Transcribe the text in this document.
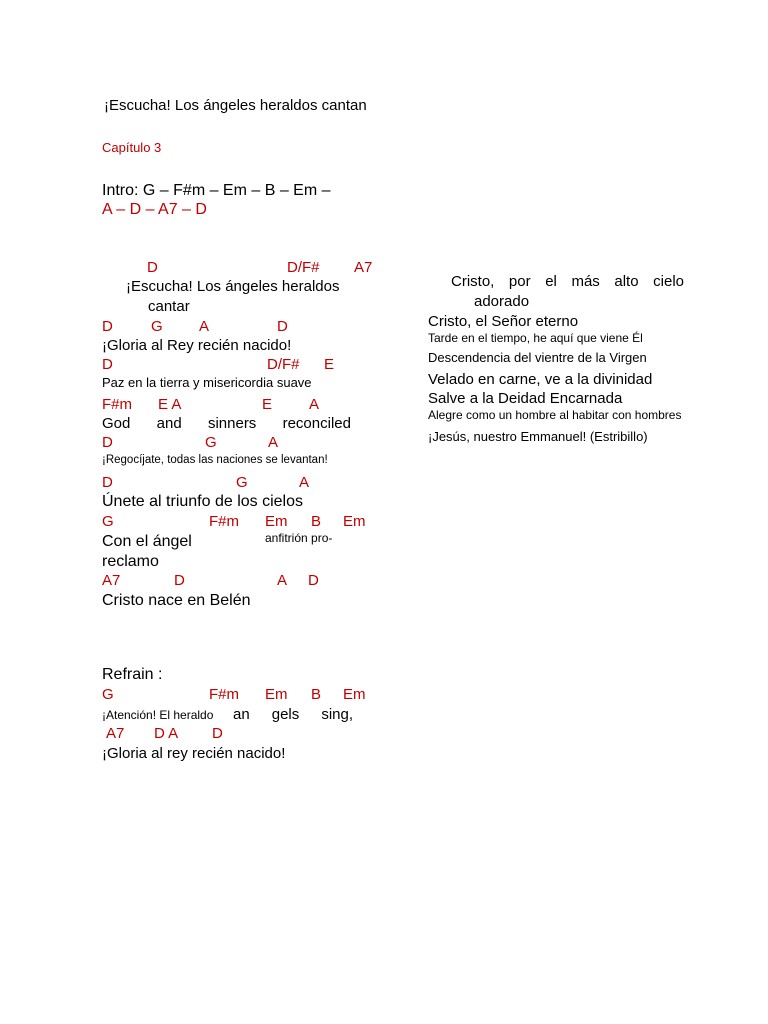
¡Escucha! Los ángeles heraldos cantan
Capítulo 3
Intro: G – F#m – Em – B – Em –
A – D – A7 – D
D	D/F# A7
¡Escucha! Los ángeles heraldos
cantar
D	G A	D
¡Gloria al Rey recién nacido!
D	D/F# E
Paz en la tierra y misericordia suave
F#m E A	E A
God and sinners reconciled
D	G	A
¡Regocíjate, todas las naciones se levantan!
D	G	A
Únete al triunfo de los cielos
G	F#m Em B Em
Con el ángel	anfitrión pro-
reclamo
A7	D	A D
Cristo nace en Belén
Refrain :
G	F#m Em B Em
¡Atención! El heraldo an gels sing,
A7 D A D
¡Gloria al rey recién nacido!
Cristo, por el más alto cielo
adorado
Cristo, el Señor eterno
Tarde en el tiempo, he aquí que viene Él
Descendencia del vientre de la Virgen
Velado en carne, ve a la divinidad
Salve a la Deidad Encarnada
Alegre como un hombre al habitar con hombres
¡Jesús, nuestro Emmanuel! (Estribillo)
